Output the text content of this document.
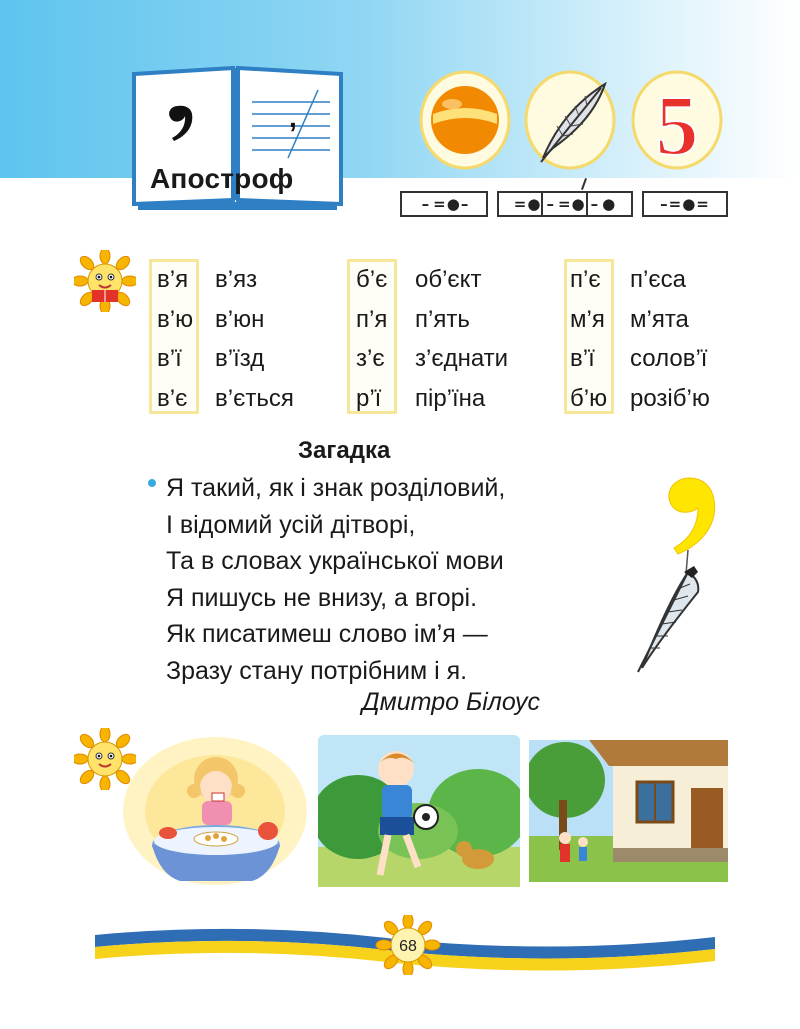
,
Апостроф
5
– =●–	=● – =● – ●	–=●=
в’я
в’ю
в’ї
в’є
в’яз
в’юн
в’їзд
в’ється
б’є
п’я
з’є
р’ї
об’єкт
п’ять
з’єднати
пір’їна
п’є
м’я
в’ї
б’ю
п’єса
м’ята
солов’ї
розіб’ю
Загадка
Я такий, як і знак розділовий,
І відомий усій дітворі,
Та в словах української мови
Я пишусь не внизу, а вгорі.
Як писатимеш слово ім’я —
Зразу стану потрібним і я.
Дмитро Білоус
68
